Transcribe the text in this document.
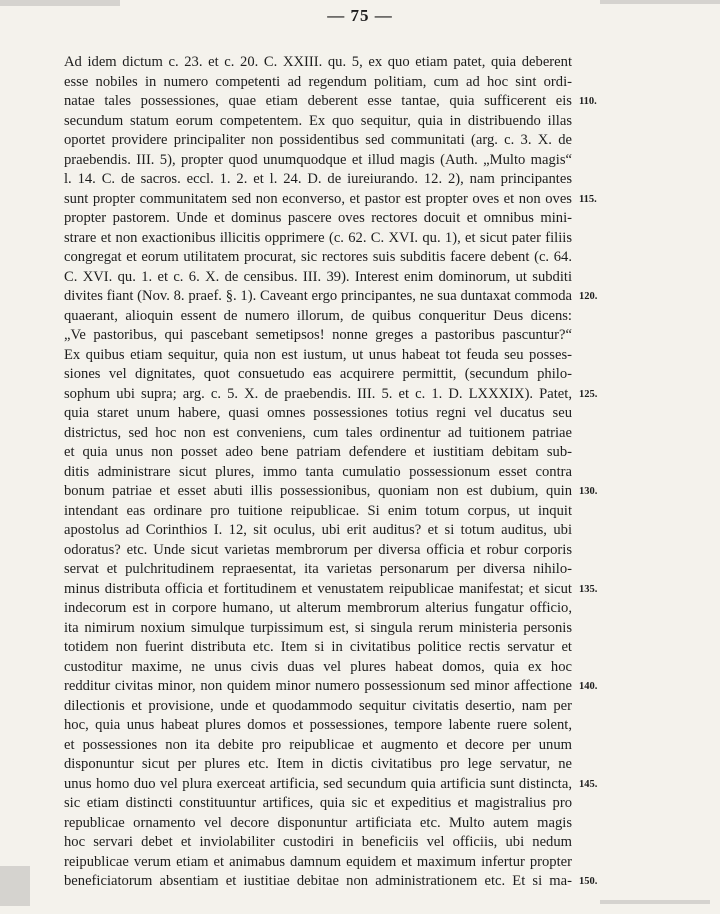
— 75 —
Ad idem dictum c. 23. et c. 20. C. XXIII. qu. 5, ex quo etiam patet, quia deberent
esse nobiles in numero competenti ad regendum politiam, cum ad hoc sint ordi-
natae tales possessiones, quae etiam deberent esse tantae, quia sufficerent eis 110.
secundum statum eorum competentem. Ex quo sequitur, quia in distribuendo illas
oportet providere principaliter non possidentibus sed communitati (arg. c. 3. X. de
praebendis. III. 5), propter quod unumquodque et illud magis (Auth. „Multo magis“
l. 14. C. de sacros. eccl. 1. 2. et l. 24. D. de iureiurando. 12. 2), nam principantes
sunt propter communitatem sed non econverso, et pastor est propter oves et non oves 115.
propter pastorem. Unde et dominus pascere oves rectores docuit et omnibus mini-
strare et non exactionibus illicitis opprimere (c. 62. C. XVI. qu. 1), et sicut pater filiis
congregat et eorum utilitatem procurat, sic rectores suis subditis facere debent (c. 64.
C. XVI. qu. 1. et c. 6. X. de censibus. III. 39). Interest enim dominorum, ut subditi
divites fiant (Nov. 8. praef. §. 1). Caveant ergo principantes, ne sua duntaxat commoda 120.
quaerant, alioquin essent de numero illorum, de quibus conqueritur Deus dicens:
„Ve pastoribus, qui pascebant semetipsos! nonne greges a pastoribus pascuntur?“
Ex quibus etiam sequitur, quia non est iustum, ut unus habeat tot feuda seu posses-
siones vel dignitates, quot consuetudo eas acquirere permittit, (secundum philo-
sophum ubi supra; arg. c. 5. X. de praebendis. III. 5. et c. 1. D. LXXXIX). Patet, 125.
quia staret unum habere, quasi omnes possessiones totius regni vel ducatus seu
districtus, sed hoc non est conveniens, cum tales ordinentur ad tuitionem patriae
et quia unus non posset adeo bene patriam defendere et iustitiam debitam sub-
ditis administrare sicut plures, immo tanta cumulatio possessionum esset contra
bonum patriae et esset abuti illis possessionibus, quoniam non est dubium, quin 130.
intendant eas ordinare pro tuitione reipublicae. Si enim totum corpus, ut inquit
apostolus ad Corinthios I. 12, sit oculus, ubi erit auditus? et si totum auditus, ubi
odoratus? etc. Unde sicut varietas membrorum per diversa officia et robur corporis
servat et pulchritudinem repraesentat, ita varietas personarum per diversa nihilo-
minus distributa officia et fortitudinem et venustatem reipublicae manifestat; et sicut 135.
indecorum est in corpore humano, ut alterum membrorum alterius fungatur officio,
ita nimirum noxium simulque turpissimum est, si singula rerum ministeria personis
totidem non fuerint distributa etc. Item si in civitatibus politice rectis servatur et
custoditur maxime, ne unus civis duas vel plures habeat domos, quia ex hoc
redditur civitas minor, non quidem minor numero possessionum sed minor affectione 140.
dilectionis et provisione, unde et quodammodo sequitur civitatis desertio, nam per
hoc, quia unus habeat plures domos et possessiones, tempore labente ruere solent,
et possessiones non ita debite pro reipublicae et augmento et decore per unum
disponuntur sicut per plures etc. Item in dictis civitatibus pro lege servatur, ne
unus homo duo vel plura exerceat artificia, sed secundum quia artificia sunt distincta, 145.
sic etiam distincti constituuntur artifices, quia sic et expeditius et magistralius pro
republicae ornamento vel decore disponuntur artificiata etc. Multo autem magis
hoc servari debet et inviolabiliter custodiri in beneficiis vel officiis, ubi nedum
reipublicae verum etiam et animabus damnum equidem et maximum infertur propter
beneficiatorum absentiam et iustitiae debitae non administrationem etc. Et si ma- 150.
